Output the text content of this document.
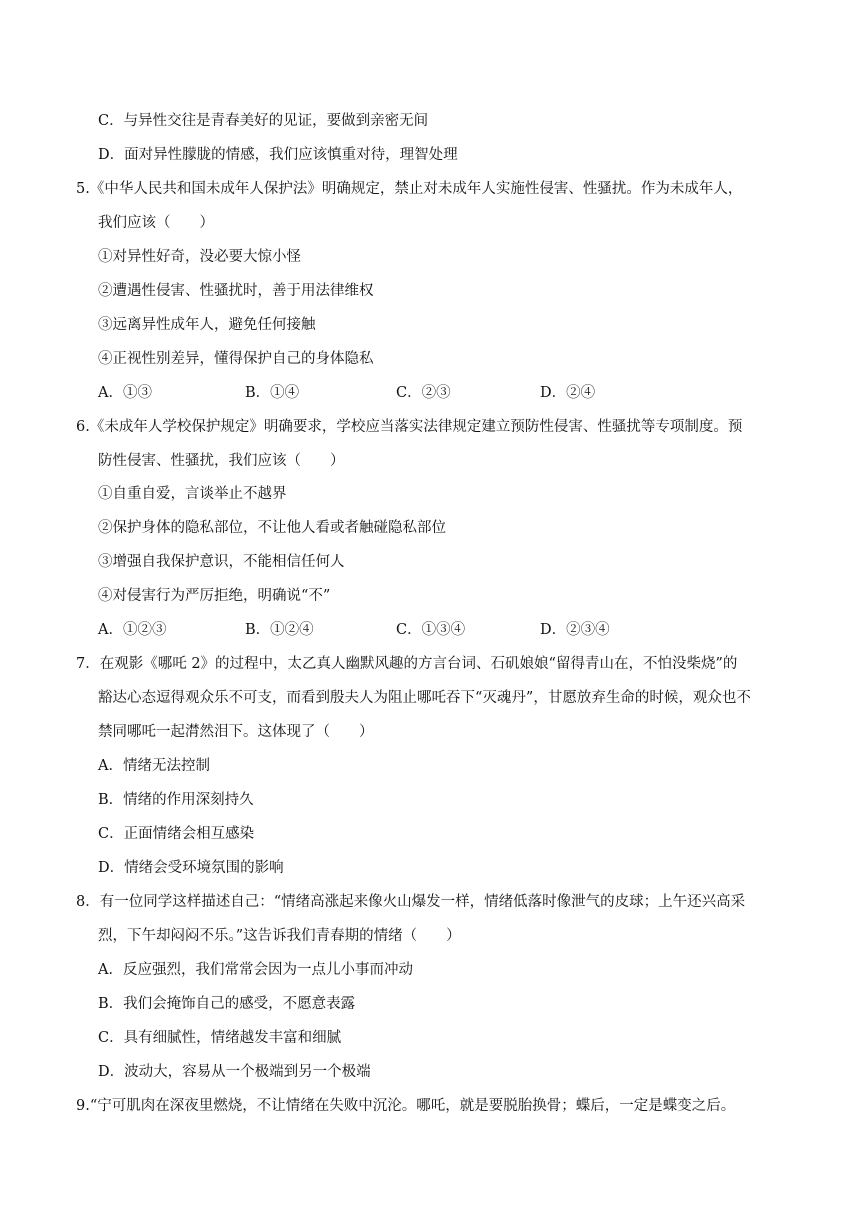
C．与异性交往是青春美好的见证，要做到亲密无间
D．面对异性朦胧的情感，我们应该慎重对待，理智处理
5.《中华人民共和国未成年人保护法》明确规定，禁止对未成年人实施性侵害、性骚扰。作为未成年人，
我们应该（　　）
①对异性好奇，没必要大惊小怪
②遭遇性侵害、性骚扰时，善于用法律维权
③远离异性成年人，避免任何接触
④正视性别差异，懂得保护自己的身体隐私
A．①③	B．①④	C．②③	D．②④
6.《未成年人学校保护规定》明确要求，学校应当落实法律规定建立预防性侵害、性骚扰等专项制度。预
防性侵害、性骚扰，我们应该（　　）
①自重自爱，言谈举止不越界
②保护身体的隐私部位，不让他人看或者触碰隐私部位
③增强自我保护意识，不能相信任何人
④对侵害行为严厉拒绝，明确说“不”
A．①②③	B．①②④	C．①③④	D．②③④
7．在观影《哪吒 2》的过程中，太乙真人幽默风趣的方言台词、石矶娘娘“留得青山在，不怕没柴烧”的
豁达心态逗得观众乐不可支，而看到殷夫人为阻止哪吒吞下“灭魂丹”，甘愿放弃生命的时候，观众也不
禁同哪吒一起潸然泪下。这体现了（　　）
A．情绪无法控制
B．情绪的作用深刻持久
C．正面情绪会相互感染
D．情绪会受环境氛围的影响
8．有一位同学这样描述自己：“情绪高涨起来像火山爆发一样，情绪低落时像泄气的皮球；上午还兴高采
烈，下午却闷闷不乐。”这告诉我们青春期的情绪（　　）
A．反应强烈，我们常常会因为一点儿小事而冲动
B．我们会掩饰自己的感受，不愿意表露
C．具有细腻性，情绪越发丰富和细腻
D．波动大，容易从一个极端到另一个极端
9.“宁可肌肉在深夜里燃烧，不让情绪在失败中沉沦。哪吒，就是要脱胎换骨；蝶后，一定是蝶变之后。
